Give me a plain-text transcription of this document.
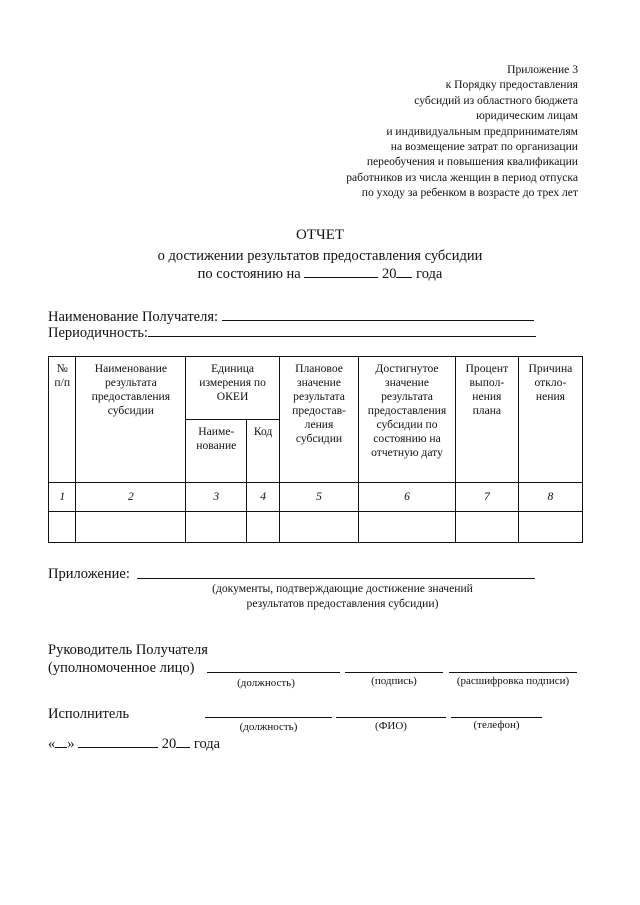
Приложение 3
к Порядку предоставления
субсидий из областного бюджета
юридическим лицам
и индивидуальным предпринимателям
на возмещение затрат по организации
переобучения и повышения квалификации
работников из числа женщин в период отпуска
по уходу за ребенком в возрасте до трех лет
ОТЧЕТ
о достижении результатов предоставления субсидии
по состоянию на	20 года
Наименование Получателя:
Периодичность:
№ п/п	Наименование результата предоставления субсидии	Единица измерения по ОКЕИ		Плановое значение результата предостав-ления субсидии	Достигнутое значение результата предоставления субсидии по состоянию на отчетную дату	Процент выпол-нения плана	Причина откло-нения
		Наиме-нование	Код				
1	2	3	4	5	6	7	8

Приложение:
(документы, подтверждающие достижение значений
результатов предоставления субсидии)
Руководитель Получателя
(уполномоченное лицо)
(должность)	(подпись)	(расшифровка подписи)
Исполнитель
(должность)	(ФИО)	(телефон)
« »	20 года
